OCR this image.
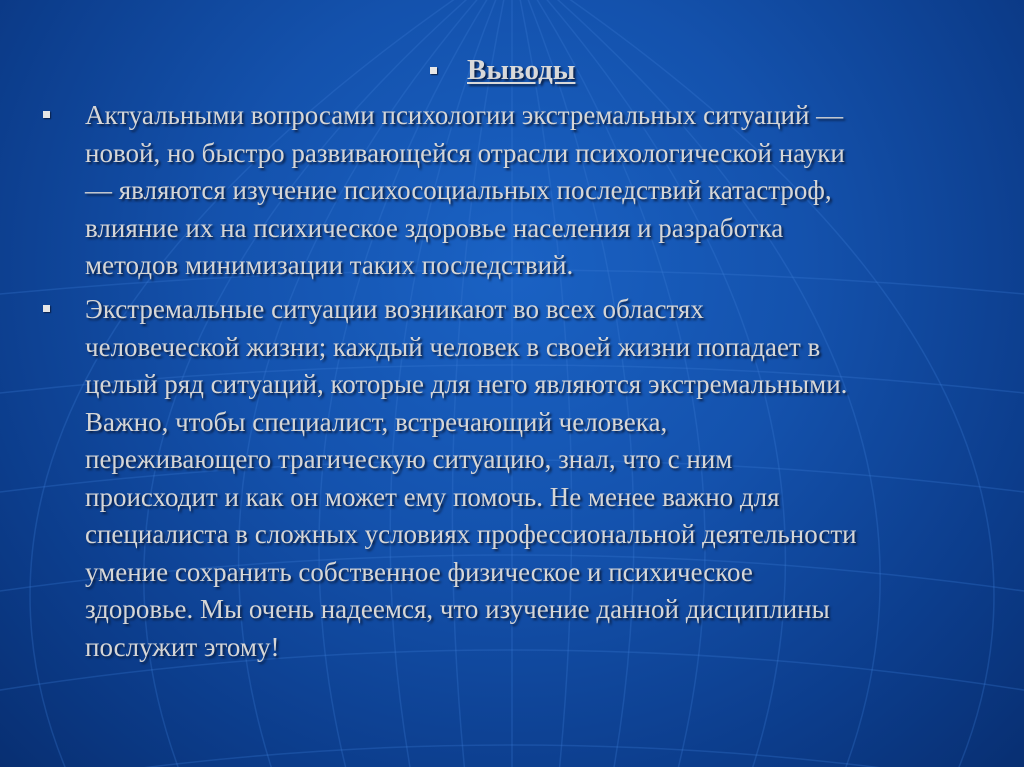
Выводы
Актуальными вопросами психологии экстремальных ситуаций —
новой, но быстро развивающейся отрасли психологической науки
— являются изучение психосоциальных последствий катастроф,
влияние их на психическое здоровье населения и разработка
методов минимизации таких последствий.
Экстремальные ситуации возникают во всех областях
человеческой жизни; каждый человек в своей жизни попадает в
целый ряд ситуаций, которые для него являются экстремальными.
Важно, чтобы специалист, встречающий человека,
переживающего трагическую ситуацию, знал, что с ним
происходит и как он может ему помочь. Не менее важно для
специалиста в сложных условиях профессиональной деятельности
умение сохранить собственное физическое и психическое
здоровье. Мы очень надеемся, что изучение данной дисциплины
послужит этому!
